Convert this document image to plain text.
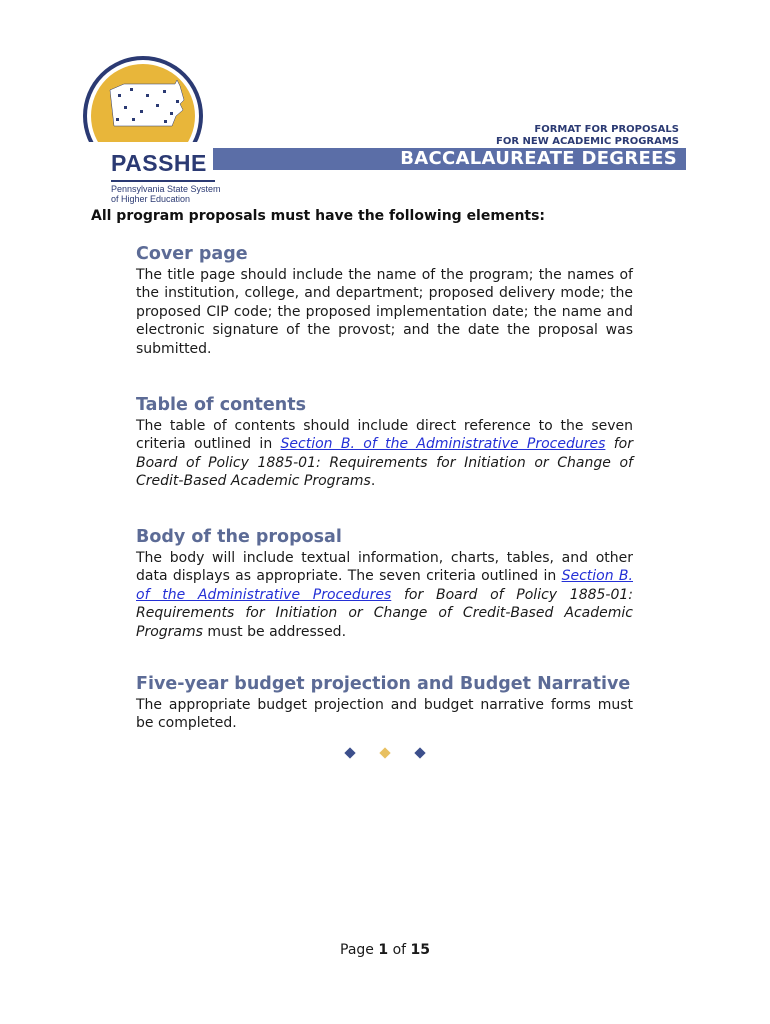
PASSHE
Pennsylvania State System
of Higher Education
FORMAT FOR PROPOSALS
FOR NEW ACADEMIC PROGRAMS
BACCALAUREATE DEGREES
All program proposals must have the following elements:
Cover page

The title page should include the name of the program; the names of the institution, college, and department; proposed delivery mode; the proposed CIP code; the proposed implementation date; the name and electronic signature of the provost; and the date the proposal was submitted.

Table of contents

The table of contents should include direct reference to the seven criteria outlined in Section B. of the Administrative Procedures for Board of Policy 1885-01: Requirements for Initiation or Change of Credit-Based Academic Programs.

Body of the proposal

The body will include textual information, charts, tables, and other data displays as appropriate. The seven criteria outlined in Section B. of the Administrative Procedures for Board of Policy 1885-01: Requirements for Initiation or Change of Credit-Based Academic Programs must be addressed.

Five-year budget projection and Budget Narrative

The appropriate budget projection and budget narrative forms must be completed.

Page 1 of 15
